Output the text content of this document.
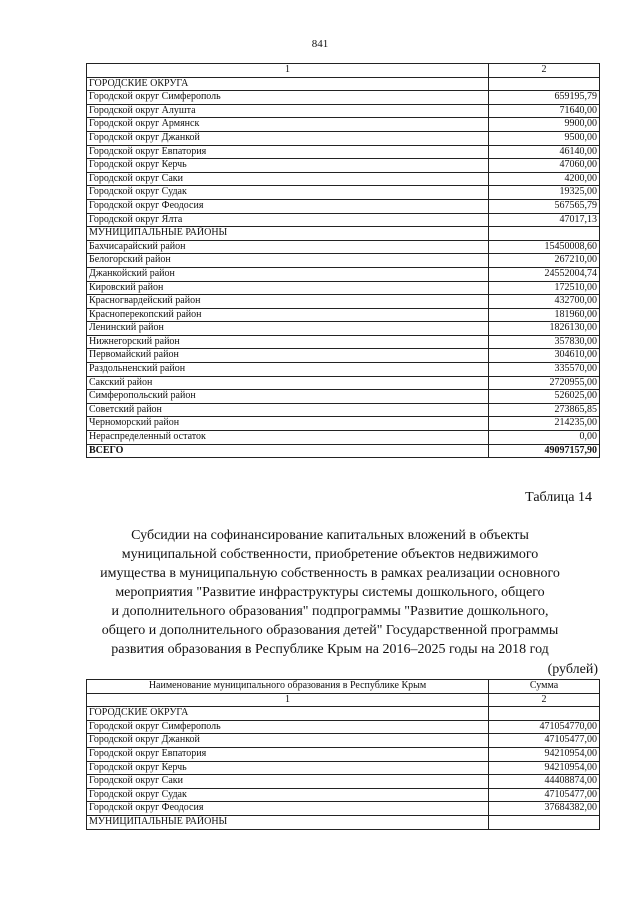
841
1	2
ГОРОДСКИЕ ОКРУГА	
Городской округ Симферополь	659195,79
Городской округ Алушта	71640,00
Городской округ Армянск	9900,00
Городской округ Джанкой	9500,00
Городской округ Евпатория	46140,00
Городской округ Керчь	47060,00
Городской округ Саки	4200,00
Городской округ Судак	19325,00
Городской округ Феодосия	567565,79
Городской округ Ялта	47017,13
МУНИЦИПАЛЬНЫЕ РАЙОНЫ	
Бахчисарайский район	15450008,60
Белогорский район	267210,00
Джанкойский район	24552004,74
Кировский район	172510,00
Красногвардейский район	432700,00
Красноперекопский район	181960,00
Ленинский район	1826130,00
Нижнегорский район	357830,00
Первомайский район	304610,00
Раздольненский район	335570,00
Сакский район	2720955,00
Симферопольский район	526025,00
Советский район	273865,85
Черноморский район	214235,00
Нераспределенный остаток	0,00
ВСЕГО	49097157,90
Таблица 14
Субсидии на софинансирование капитальных вложений в объекты
муниципальной собственности, приобретение объектов недвижимого
имущества в муниципальную собственность в рамках реализации основного
мероприятия "Развитие инфраструктуры системы дошкольного, общего
и дополнительного образования" подпрограммы "Развитие дошкольного,
общего и дополнительного образования детей" Государственной программы
развития образования в Республике Крым на 2016–2025 годы на 2018 год
(рублей)
Наименование муниципального образования в Республике Крым	Сумма
1	2
ГОРОДСКИЕ ОКРУГА	
Городской округ Симферополь	471054770,00
Городской округ Джанкой	47105477,00
Городской округ Евпатория	94210954,00
Городской округ Керчь	94210954,00
Городской округ Саки	44408874,00
Городской округ Судак	47105477,00
Городской округ Феодосия	37684382,00
МУНИЦИПАЛЬНЫЕ РАЙОНЫ	
